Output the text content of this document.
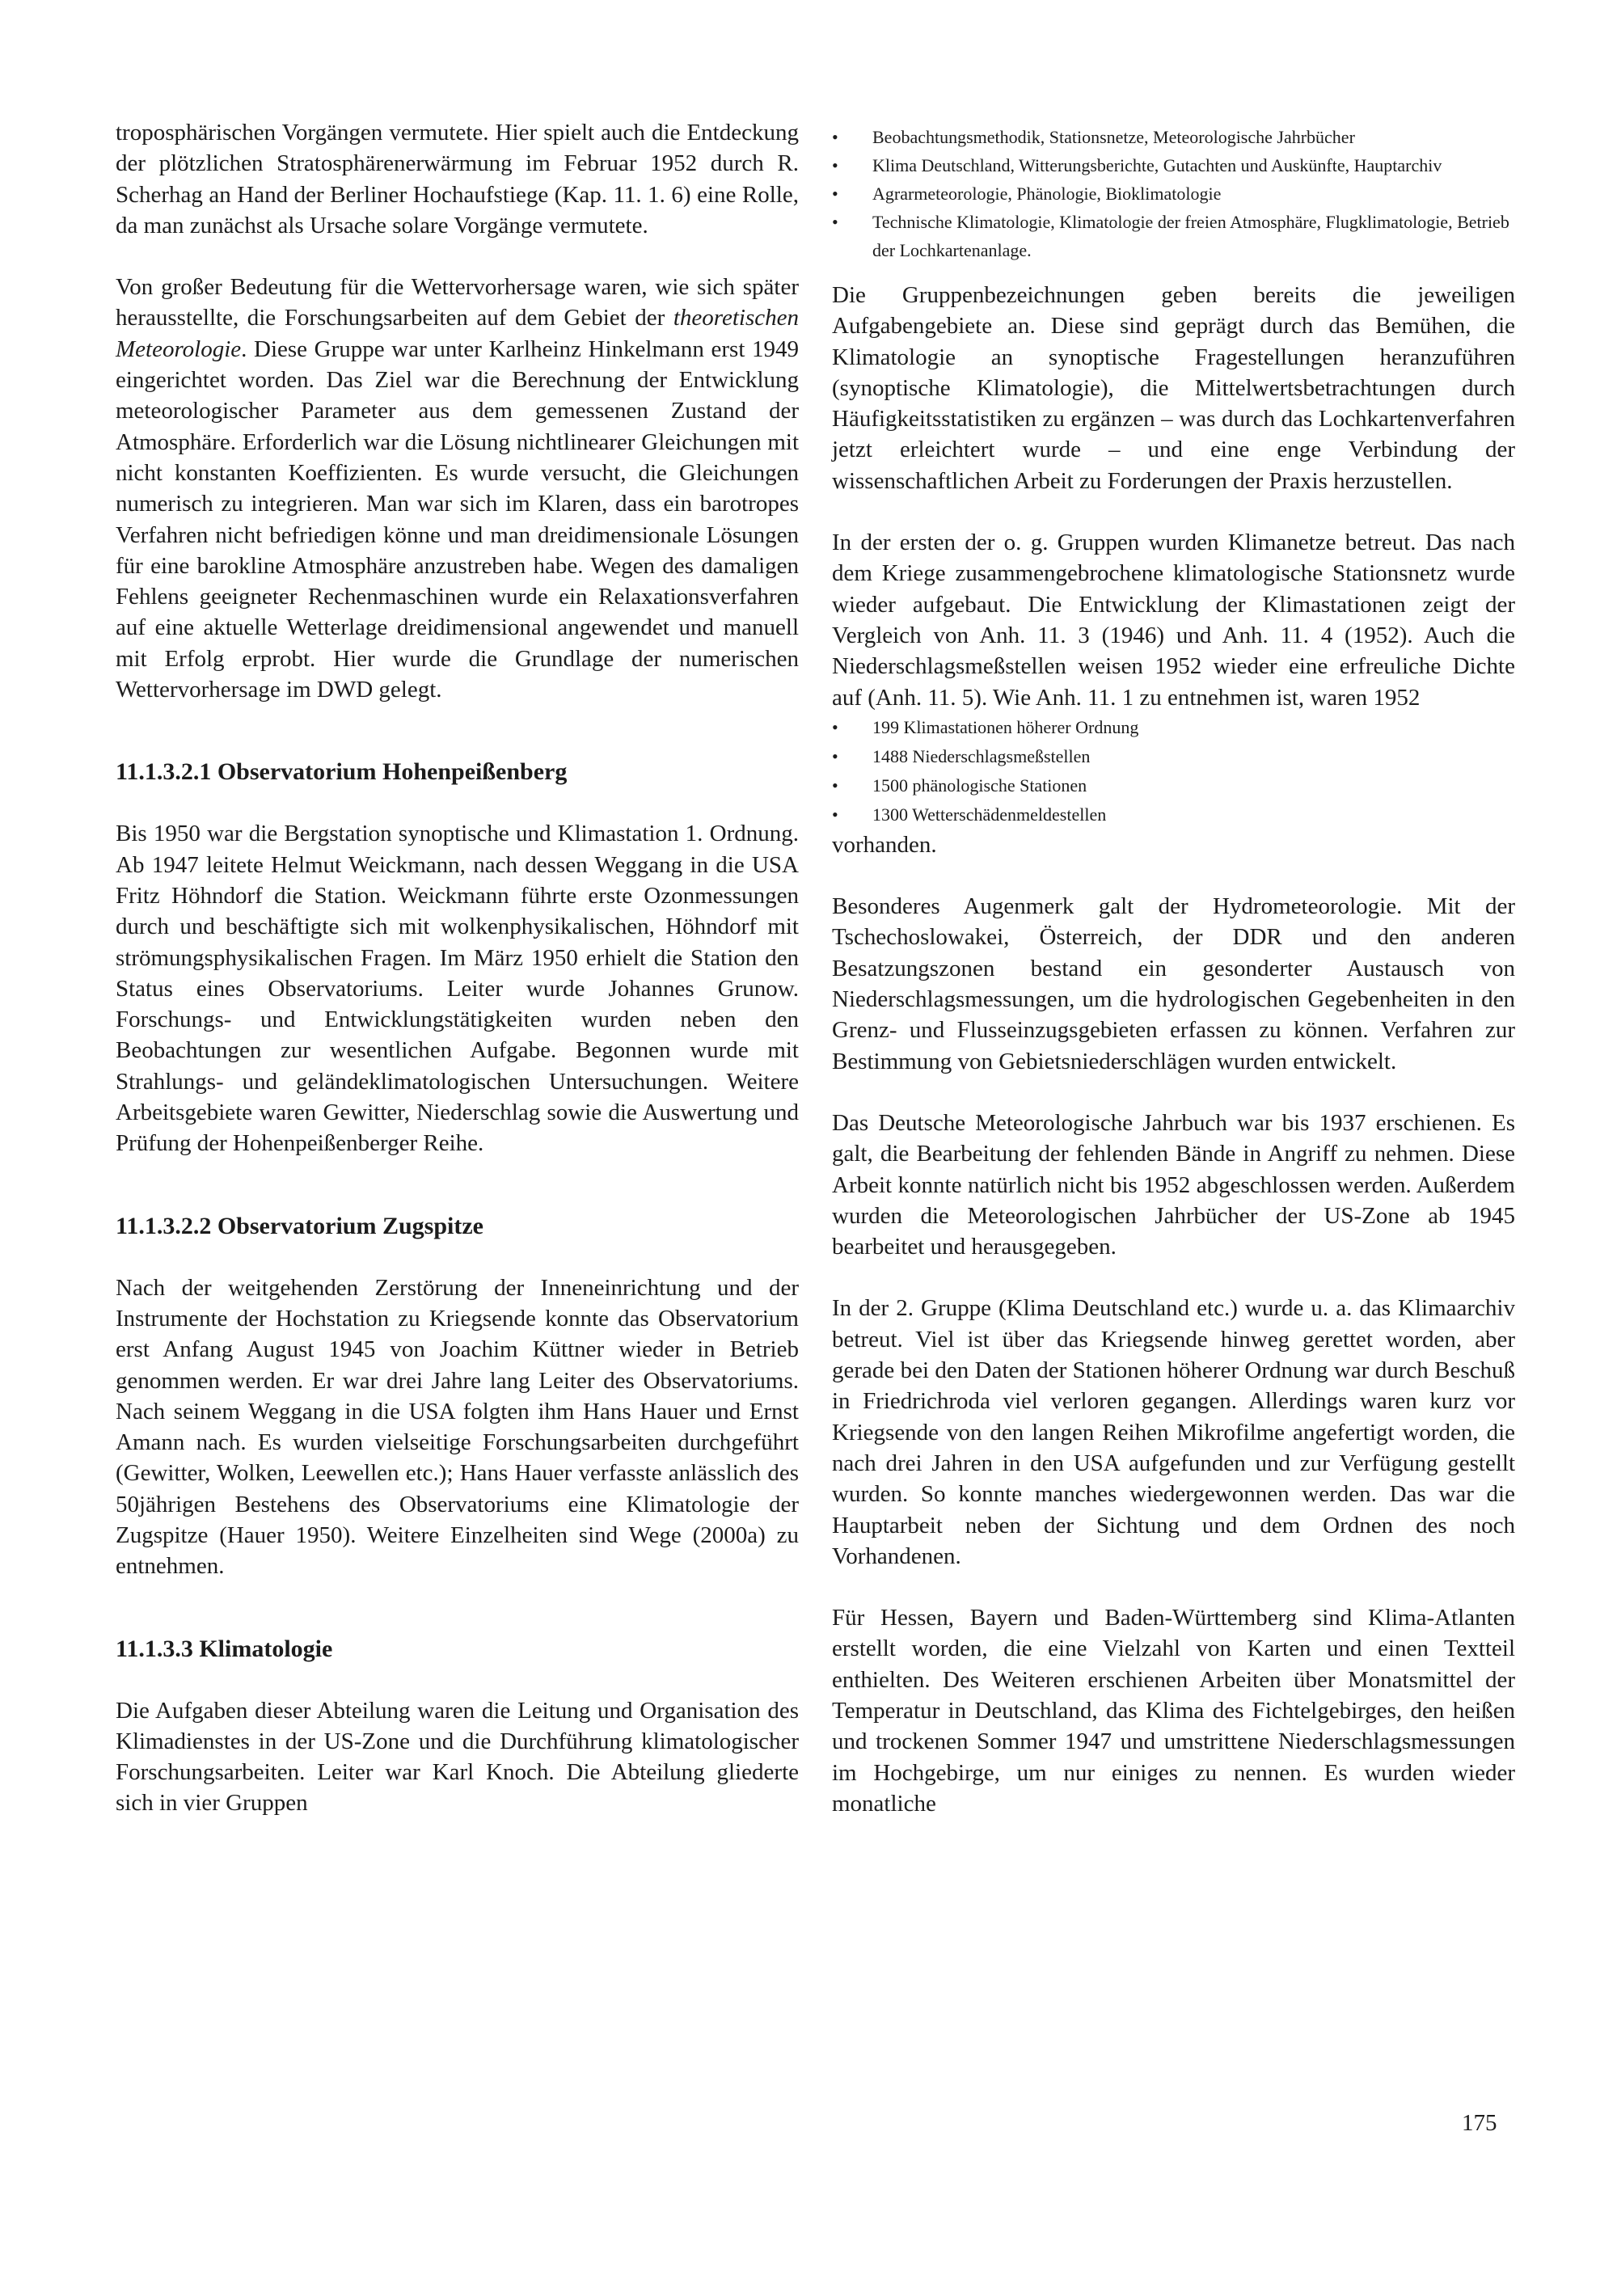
troposphärischen Vorgängen vermutete. Hier spielt auch die Entdeckung der plötzlichen Stratosphärenerwärmung im Februar 1952 durch R. Scherhag an Hand der Berliner Hochaufstiege (Kap. 11. 1. 6) eine Rolle, da man zunächst als Ursache solare Vorgänge vermutete.

Von großer Bedeutung für die Wettervorhersage waren, wie sich später herausstellte, die Forschungsarbeiten auf dem Gebiet der theoretischen Meteorologie. Diese Gruppe war unter Karlheinz Hinkelmann erst 1949 eingerichtet worden. Das Ziel war die Berechnung der Entwicklung meteorologischer Parameter aus dem gemessenen Zustand der Atmosphäre. Erforderlich war die Lösung nichtlinearer Gleichungen mit nicht konstanten Koeffizienten. Es wurde versucht, die Gleichungen numerisch zu integrieren. Man war sich im Klaren, dass ein barotropes Verfahren nicht befriedigen könne und man dreidimensionale Lösungen für eine barokline Atmosphäre anzustreben habe. Wegen des damaligen Fehlens geeigneter Rechenmaschinen wurde ein Relaxationsverfahren auf eine aktuelle Wetterlage dreidimensional angewendet und manuell mit Erfolg erprobt. Hier wurde die Grundlage der numerischen Wettervorhersage im DWD gelegt.

11.1.3.2.1 Observatorium Hohenpeißenberg

Bis 1950 war die Bergstation synoptische und Klimastation 1. Ordnung. Ab 1947 leitete Helmut Weickmann, nach dessen Weggang in die USA Fritz Höhndorf die Station. Weickmann führte erste Ozonmessungen durch und beschäftigte sich mit wolkenphysikalischen, Höhndorf mit strömungsphysikalischen Fragen. Im März 1950 erhielt die Station den Status eines Observatoriums. Leiter wurde Johannes Grunow. Forschungs- und Entwicklungstätigkeiten wurden neben den Beobachtungen zur wesentlichen Aufgabe. Begonnen wurde mit Strahlungs- und geländeklimatologischen Untersuchungen. Weitere Arbeitsgebiete waren Gewitter, Niederschlag sowie die Auswertung und Prüfung der Hohenpeißenberger Reihe.

11.1.3.2.2 Observatorium Zugspitze

Nach der weitgehenden Zerstörung der Inneneinrichtung und der Instrumente der Hochstation zu Kriegsende konnte das Observatorium erst Anfang August 1945 von Joachim Küttner wieder in Betrieb genommen werden. Er war drei Jahre lang Leiter des Observatoriums. Nach seinem Weggang in die USA folgten ihm Hans Hauer und Ernst Amann nach. Es wurden vielseitige Forschungsarbeiten durchgeführt (Gewitter, Wolken, Leewellen etc.); Hans Hauer verfasste anlässlich des 50jährigen Bestehens des Observatoriums eine Klimatologie der Zugspitze (Hauer 1950). Weitere Einzelheiten sind Wege (2000a) zu entnehmen.

11.1.3.3 Klimatologie

Die Aufgaben dieser Abteilung waren die Leitung und Organisation des Klimadienstes in der US-Zone und die Durchführung klimatologischer Forschungsarbeiten. Leiter war Karl Knoch. Die Abteilung gliederte sich in vier Gruppen

• Beobachtungsmethodik, Stationsnetze, Meteorologische Jahrbücher
• Klima Deutschland, Witterungsberichte, Gutachten und Auskünfte, Hauptarchiv
• Agrarmeteorologie, Phänologie, Bioklimatologie
• Technische Klimatologie, Klimatologie der freien Atmosphäre, Flugklimatologie, Betrieb der Lochkartenanlage.

Die Gruppenbezeichnungen geben bereits die jeweiligen Aufgabengebiete an. Diese sind geprägt durch das Bemühen, die Klimatologie an synoptische Fragestellungen heranzuführen (synoptische Klimatologie), die Mittelwertsbetrachtungen durch Häufigkeitsstatistiken zu ergänzen – was durch das Lochkartenverfahren jetzt erleichtert wurde – und eine enge Verbindung der wissenschaftlichen Arbeit zu Forderungen der Praxis herzustellen.

In der ersten der o. g. Gruppen wurden Klimanetze betreut. Das nach dem Kriege zusammengebrochene klimatologische Stationsnetz wurde wieder aufgebaut. Die Entwicklung der Klimastationen zeigt der Vergleich von Anh. 11. 3 (1946) und Anh. 11. 4 (1952). Auch die Niederschlagsmeßstellen weisen 1952 wieder eine erfreuliche Dichte auf (Anh. 11. 5). Wie Anh. 11. 1 zu entnehmen ist, waren 1952

• 199 Klimastationen höherer Ordnung
• 1488 Niederschlagsmeßstellen
• 1500 phänologische Stationen
• 1300 Wetterschädenmeldestellen

vorhanden.

Besonderes Augenmerk galt der Hydrometeorologie. Mit der Tschechoslowakei, Österreich, der DDR und den anderen Besatzungszonen bestand ein gesonderter Austausch von Niederschlagsmessungen, um die hydrologischen Gegebenheiten in den Grenz- und Flusseinzugsgebieten erfassen zu können. Verfahren zur Bestimmung von Gebietsniederschlägen wurden entwickelt.

Das Deutsche Meteorologische Jahrbuch war bis 1937 erschienen. Es galt, die Bearbeitung der fehlenden Bände in Angriff zu nehmen. Diese Arbeit konnte natürlich nicht bis 1952 abgeschlossen werden. Außerdem wurden die Meteorologischen Jahrbücher der US-Zone ab 1945 bearbeitet und herausgegeben.

In der 2. Gruppe (Klima Deutschland etc.) wurde u. a. das Klimaarchiv betreut. Viel ist über das Kriegsende hinweg gerettet worden, aber gerade bei den Daten der Stationen höherer Ordnung war durch Beschuß in Friedrichroda viel verloren gegangen. Allerdings waren kurz vor Kriegsende von den langen Reihen Mikrofilme angefertigt worden, die nach drei Jahren in den USA aufgefunden und zur Verfügung gestellt wurden. So konnte manches wiedergewonnen werden. Das war die Hauptarbeit neben der Sichtung und dem Ordnen des noch Vorhandenen.

Für Hessen, Bayern und Baden-Württemberg sind Klima-Atlanten erstellt worden, die eine Vielzahl von Karten und einen Textteil enthielten. Des Weiteren erschienen Arbeiten über Monatsmittel der Temperatur in Deutschland, das Klima des Fichtelgebirges, den heißen und trockenen Sommer 1947 und umstrittene Niederschlagsmessungen im Hochgebirge, um nur einiges zu nennen. Es wurden wieder monatliche

175
